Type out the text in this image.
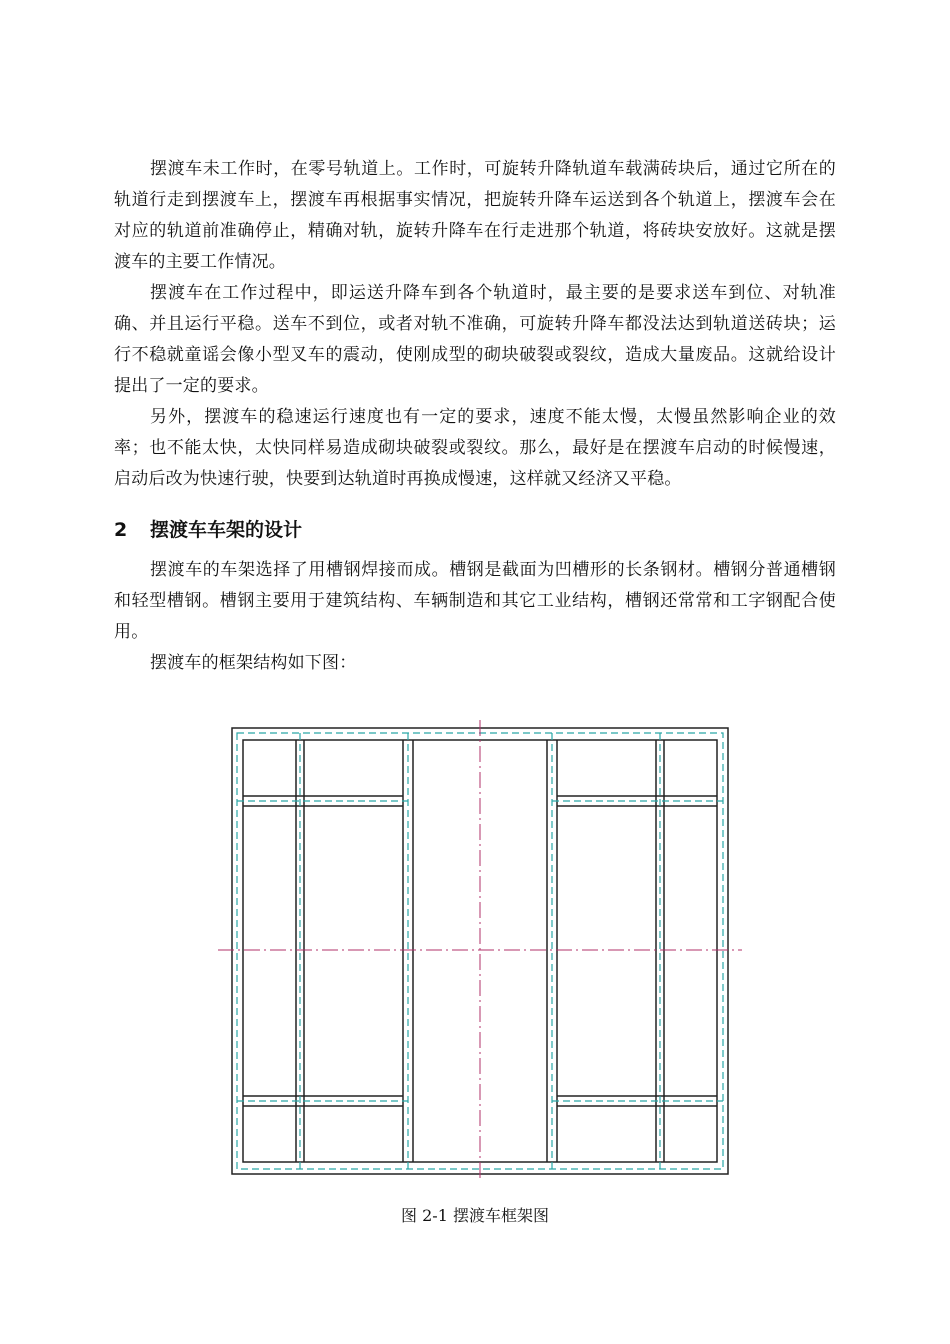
摆渡车未工作时，在零号轨道上。工作时，可旋转升降轨道车载满砖块后，通过它所在的轨道行走到摆渡车上，摆渡车再根据事实情况，把旋转升降车运送到各个轨道上，摆渡车会在对应的轨道前准确停止，精确对轨，旋转升降车在行走进那个轨道，将砖块安放好。这就是摆渡车的主要工作情况。

摆渡车在工作过程中，即运送升降车到各个轨道时，最主要的是要求送车到位、对轨准确、并且运行平稳。送车不到位，或者对轨不准确，可旋转升降车都没法达到轨道送砖块；运行不稳就童谣会像小型叉车的震动，使刚成型的砌块破裂或裂纹，造成大量废品。这就给设计提出了一定的要求。

另外，摆渡车的稳速运行速度也有一定的要求，速度不能太慢，太慢虽然影响企业的效率；也不能太快，太快同样易造成砌块破裂或裂纹。那么，最好是在摆渡车启动的时候慢速，启动后改为快速行驶，快要到达轨道时再换成慢速，这样就又经济又平稳。

2 摆渡车车架的设计

摆渡车的车架选择了用槽钢焊接而成。槽钢是截面为凹槽形的长条钢材。槽钢分普通槽钢和轻型槽钢。槽钢主要用于建筑结构、车辆制造和其它工业结构，槽钢还常常和工字钢配合使用。

摆渡车的框架结构如下图：

图 2-1 摆渡车框架图
